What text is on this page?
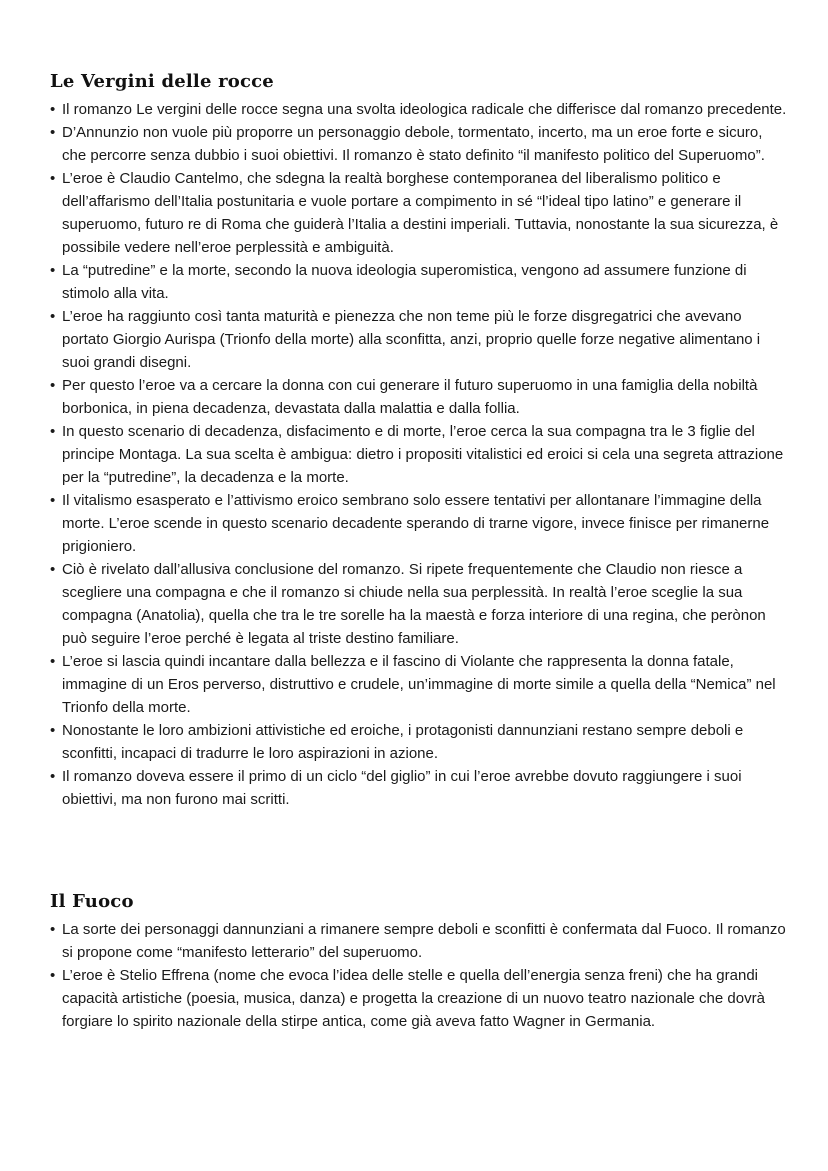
Le Vergini delle rocce
• Il romanzo Le vergini delle rocce segna una svolta ideologica radicale che differisce dal romanzo precedente.
• D’Annunzio non vuole più proporre un personaggio debole, tormentato, incerto, ma un eroe forte e sicuro, che percorre senza dubbio i suoi obiettivi. Il romanzo è stato definito “il manifesto politico del Superuomo”.
• L’eroe è Claudio Cantelmo, che sdegna la realtà borghese contemporanea del liberalismo politico e dell’affarismo dell’Italia postunitaria e vuole portare a compimento in sé “l’ideal tipo latino” e generare il superuomo, futuro re di Roma che guiderà l’Italia a destini imperiali. Tuttavia, nonostante la sua sicurezza, è possibile vedere nell’eroe perplessità e ambiguità.
• La “putredine” e la morte, secondo la nuova ideologia superomistica, vengono ad assumere funzione di stimolo alla vita.
• L’eroe ha raggiunto così tanta maturità e pienezza che non teme più le forze disgregatrici che avevano portato Giorgio Aurispa (Trionfo della morte) alla sconfitta, anzi, proprio quelle forze negative alimentano i suoi grandi disegni.
• Per questo l’eroe va a cercare la donna con cui generare il futuro superuomo in una famiglia della nobiltà borbonica, in piena decadenza, devastata dalla malattia e dalla follia.
• In questo scenario di decadenza, disfacimento e di morte, l’eroe cerca la sua compagna tra le 3 figlie del principe Montaga. La sua scelta è ambigua: dietro i propositi vitalistici ed eroici si cela una segreta attrazione per la “putredine”, la decadenza e la morte.
• Il vitalismo esasperato e l’attivismo eroico sembrano solo essere tentativi per allontanare l’immagine della morte. L’eroe scende in questo scenario decadente sperando di trarne vigore, invece finisce per rimanerne prigioniero.
• Ciò è rivelato dall’allusiva conclusione del romanzo. Si ripete frequentemente che Claudio non riesce a scegliere una compagna e che il romanzo si chiude nella sua perplessità. In realtà l’eroe sceglie la sua compagna (Anatolia), quella che tra le tre sorelle ha la maestà e forza interiore di una regina, che perònon può seguire l’eroe perché è legata al triste destino familiare.
• L’eroe si lascia quindi incantare dalla bellezza e il fascino di Violante che rappresenta la donna fatale, immagine di un Eros perverso, distruttivo e crudele, un’immagine di morte simile a quella della “Nemica” nel Trionfo della morte.
• Nonostante le loro ambizioni attivistiche ed eroiche, i protagonisti dannunziani restano sempre deboli e sconfitti, incapaci di tradurre le loro aspirazioni in azione.
• Il romanzo doveva essere il primo di un ciclo “del giglio” in cui l’eroe avrebbe dovuto raggiungere i suoi obiettivi, ma non furono mai scritti.
Il Fuoco
• La sorte dei personaggi dannunziani a rimanere sempre deboli e sconfitti è confermata dal Fuoco. Il romanzo si propone come “manifesto letterario” del superuomo.
• L’eroe è Stelio Effrena (nome che evoca l’idea delle stelle e quella dell’energia senza freni) che ha grandi capacità artistiche (poesia, musica, danza) e progetta la creazione di un nuovo teatro nazionale che dovrà forgiare lo spirito nazionale della stirpe antica, come già aveva fatto Wagner in Germania.
